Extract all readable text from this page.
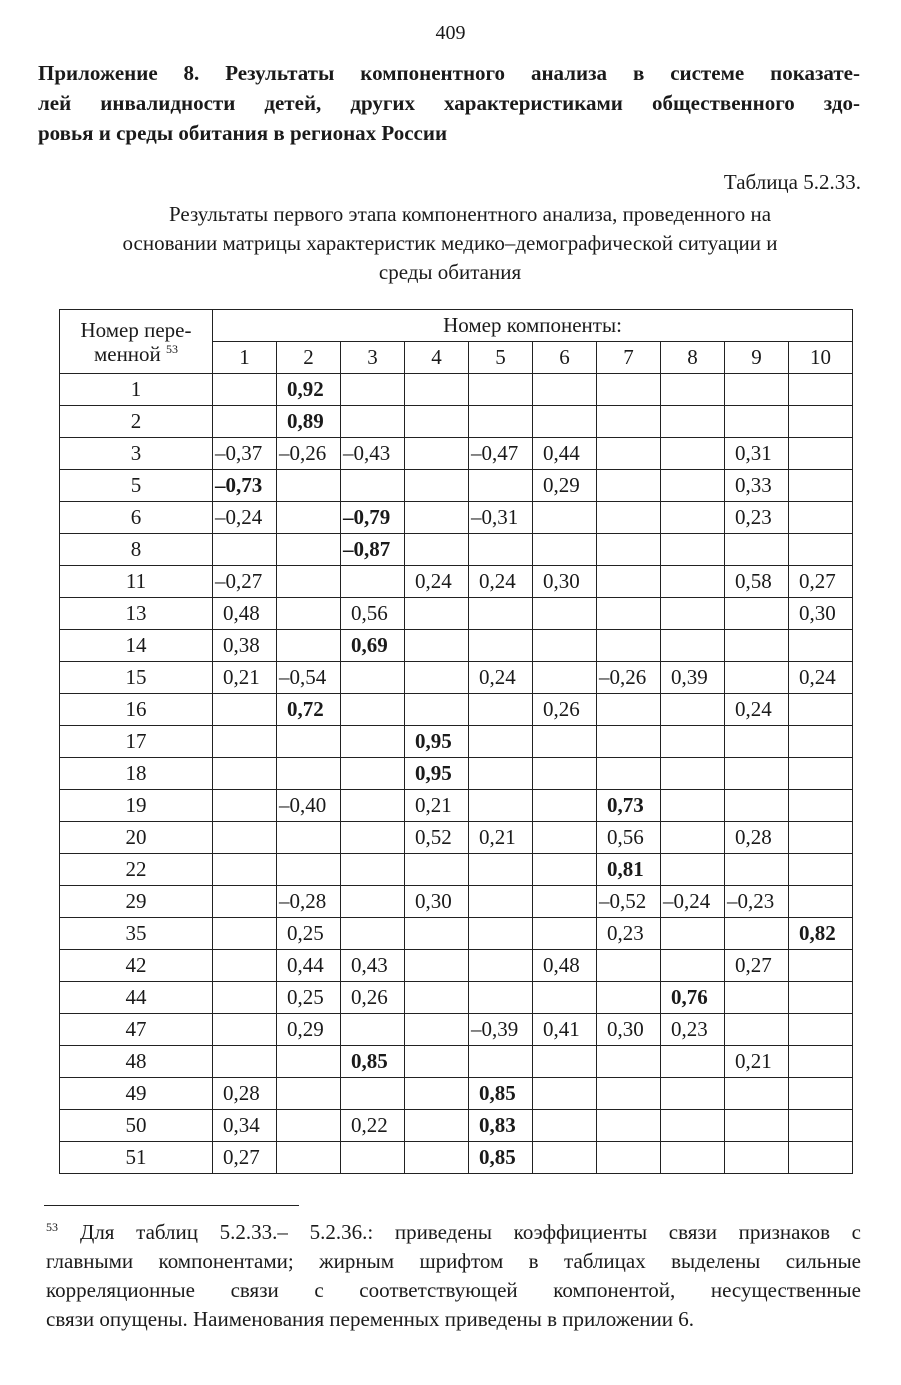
409
Приложение 8. Результаты компонентного анализа в системе показате-
лей инвалидности детей, других характеристиками общественного здо-
ровья и среды обитания в регионах России
Таблица 5.2.33.
Результаты первого этапа компонентного анализа, проведенного на
основании матрицы характеристик медико–демографической ситуации и
среды обитания
Номер пере-
менной $^{53}$	Номер компоненты:									
	1	2	3	4	5	6	7	8	9	10
1		0,92								
2		0,89								
3	–0,37	–0,26	–0,43		–0,47	0,44			0,31	
5	–0,73					0,29			0,33	
6	–0,24		–0,79		–0,31				0,23	
8			–0,87							
11	–0,27			0,24	0,24	0,30			0,58	0,27
13	0,48		0,56							0,30
14	0,38		0,69							
15	0,21	–0,54			0,24		–0,26	0,39		0,24
16		0,72				0,26			0,24	
17				0,95						
18				0,95						
19		–0,40		0,21			0,73			
20				0,52	0,21		0,56		0,28	
22							0,81			
29		–0,28		0,30			–0,52	–0,24	–0,23	
35		0,25					0,23			0,82
42		0,44	0,43			0,48			0,27	
44		0,25	0,26					0,76		
47		0,29			–0,39	0,41	0,30	0,23		
48			0,85						0,21	
49	0,28				0,85					
50	0,34		0,22		0,83					
51	0,27				0,85					
$^{53}$ Для таблиц 5.2.33.– 5.2.36.: приведены коэффициенты связи признаков с
главными компонентами; жирным шрифтом в таблицах выделены сильные
корреляционные связи с соответствующей компонентой, несущественные
связи опущены. Наименования переменных приведены в приложении 6.
